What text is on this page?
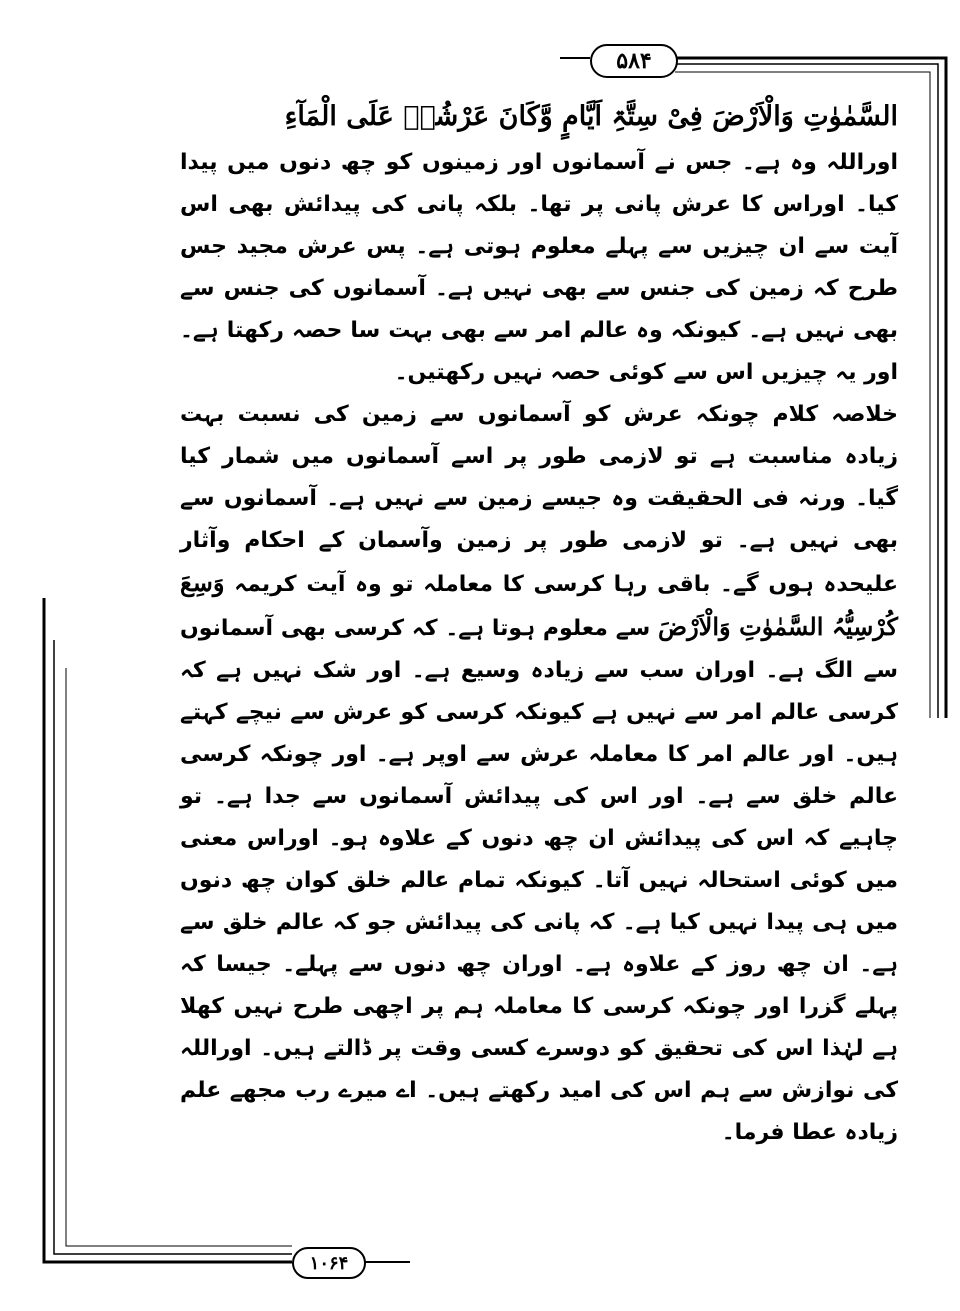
۵۸۴

السَّمٰوٰتِ وَالْاَرْضَ فِیْ سِتَّۃِ اَیَّامٍ وَّکَانَ عَرْشُہٗ عَلَی الْمَآءِ

اوراللہ وہ ہے۔ جس نے آسمانوں اور زمینوں کو چھ دنوں میں پیدا کیا۔ اوراس کا عرش پانی پر تھا۔ بلکہ پانی کی پیدائش بھی اس آیت سے ان چیزیں سے پہلے معلوم ہوتی ہے۔ پس عرش مجید جس طرح کہ زمین کی جنس سے بھی نہیں ہے۔ آسمانوں کی جنس سے بھی نہیں ہے۔ کیونکہ وہ عالم امر سے بھی بہت سا حصہ رکھتا ہے۔ اور یہ چیزیں اس سے کوئی حصہ نہیں رکھتیں۔

خلاصہ کلام چونکہ عرش کو آسمانوں سے زمین کی نسبت بہت زیادہ مناسبت ہے تو لازمی طور پر اسے آسمانوں میں شمار کیا گیا۔ ورنہ فی الحقیقت وہ جیسے زمین سے نہیں ہے۔ آسمانوں سے بھی نہیں ہے۔ تو لازمی طور پر زمین وآسمان کے احکام وآثار علیحدہ ہوں گے۔ باقی رہا کرسی کا معاملہ تو وہ آیت کریمہ وَسِعَ کُرْسِیُّہُ السَّمٰوٰتِ وَالْاَرْضَ سے معلوم ہوتا ہے۔ کہ کرسی بھی آسمانوں سے الگ ہے۔ اوران سب سے زیادہ وسیع ہے۔ اور شک نہیں ہے کہ کرسی عالم امر سے نہیں ہے کیونکہ کرسی کو عرش سے نیچے کہتے ہیں۔ اور عالم امر کا معاملہ عرش سے اوپر ہے۔ اور چونکہ کرسی عالم خلق سے ہے۔ اور اس کی پیدائش آسمانوں سے جدا ہے۔ تو چاہیے کہ اس کی پیدائش ان چھ دنوں کے علاوہ ہو۔ اوراس معنی میں کوئی استحالہ نہیں آتا۔ کیونکہ تمام عالم خلق کوان چھ دنوں میں ہی پیدا نہیں کیا ہے۔ کہ پانی کی پیدائش جو کہ عالم خلق سے ہے۔ ان چھ روز کے علاوہ ہے۔ اوران چھ دنوں سے پہلے۔ جیسا کہ پہلے گزرا اور چونکہ کرسی کا معاملہ ہم پر اچھی طرح نہیں کھلا ہے لہٰذا اس کی تحقیق کو دوسرے کسی وقت پر ڈالتے ہیں۔ اوراللہ کی نوازش سے ہم اس کی امید رکھتے ہیں۔ اے میرے رب مجھے علم زیادہ عطا فرما۔

۱۰۶۴
